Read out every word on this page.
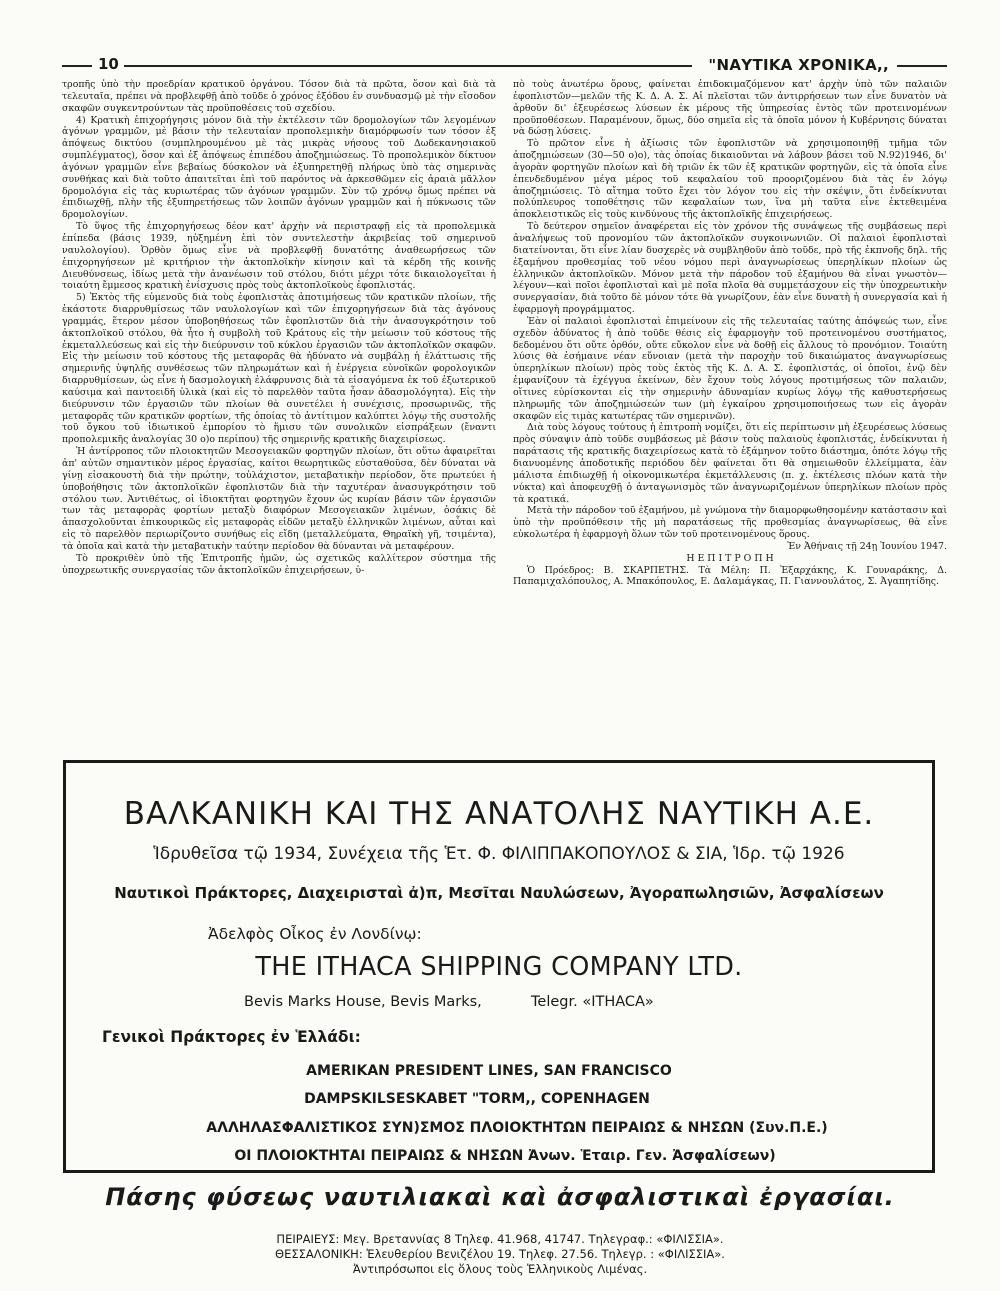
10	"ΝΑΥΤΙΚΑ ΧΡΟΝΙΚΑ,,

τροπῆς ὑπὸ τὴν προεδρίαν κρατικοῦ ὀργάνου. Τόσον διὰ τὰ πρῶτα, ὅσον καὶ διὰ τὰ τελευταῖα, πρέπει νὰ προβλεφθῇ ἀπὸ τοῦδε ὁ χρόνος ἐξόδου ἐν συνδυασμῷ μὲ τὴν εἴσοδον σκαφῶν συγκεντρούντων τὰς προϋποθέσεις τοῦ σχεδίου.

4) Κρατικὴ ἐπιχορήγησις μόνον διὰ τὴν ἐκτέλεσιν τῶν δρομολογίων τῶν λεγομένων ἀγόνων γραμμῶν, μὲ βάσιν τὴν τελευταίαν προπολεμικὴν διαμόρφωσίν των τόσον ἐξ ἀπόψεως δικτύου (συμπληρουμένου μὲ τὰς μικρὰς νήσους τοῦ Δωδεκανησιακοῦ συμπλέγματος), ὅσον καὶ ἐξ ἀπόψεως ἐπιπέδου ἀποζημιώσεως. Τὸ προπολεμικὸν δίκτυον ἀγόνων γραμμῶν εἶνε βεβαίως δύσκολον νὰ ἐξυπηρετηθῇ πλήρως ὑπὸ τὰς σημερινὰς συνθήκας καὶ διὰ τοῦτο ἀπαιτεῖται ἐπὶ τοῦ παρόντος νὰ ἀρκεσθῶμεν εἰς ἀραιὰ μᾶλλον δρομολόγια εἰς τὰς κυριωτέρας τῶν ἀγόνων γραμμῶν. Σὺν τῷ χρόνῳ ὅμως πρέπει νὰ ἐπιδιωχθῇ, πλὴν τῆς ἐξυπηρετήσεως τῶν λοιπῶν ἀγόνων γραμμῶν καὶ ἡ πύκνωσις τῶν δρομολογίων.

Τὸ ὕψος τῆς ἐπιχορηγήσεως δέον κατ' ἀρχὴν νὰ περιστραφῇ εἰς τὰ προπολεμικὰ ἐπίπεδα (βάσις 1939, ηὐξημένη ἐπὶ τὸν συντελεστὴν ἀκριβείας τοῦ σημερινοῦ ναυλολογίου). Ὀρθὸν ὅμως εἶνε νὰ προβλεφθῇ δυνατότης ἀναθεωρήσεως τῶν ἐπιχορηγήσεων μὲ κριτήριον τὴν ἀκτοπλοϊκὴν κίνησιν καὶ τὰ κέρδη τῆς κοινῆς Διευθύνσεως, ἰδίως μετὰ τὴν ἀνανέωσιν τοῦ στόλου, διότι μέχρι τότε δικαιολογεῖται ἡ τοιαύτη ἔμμεσος κρατικὴ ἐνίσχυσις πρὸς τοὺς ἀκτοπλοϊκοὺς ἐφοπλιστάς.

5) Ἐκτὸς τῆς εὐμενοῦς διὰ τοὺς ἐφοπλιστὰς ἀποτιμήσεως τῶν κρατικῶν πλοίων, τῆς ἑκάστοτε διαρρυθμίσεως τῶν ναυλολογίων καὶ τῶν ἐπιχορηγήσεων διὰ τὰς ἀγόνους γραμμάς, ἕτερον μέσον ὑποβοηθήσεως τῶν ἐφοπλιστῶν διὰ τὴν ἀνασυγκρότησιν τοῦ ἀκτοπλοϊκοῦ στόλου, θὰ ἦτο ἡ συμβολὴ τοῦ Κράτους εἰς τὴν μείωσιν τοῦ κόστους τῆς ἐκμεταλλεύσεως καὶ εἰς τὴν διεύρυνσιν τοῦ κύκλου ἐργασιῶν τῶν ἀκτοπλοϊκῶν σκαφῶν. Εἰς τὴν μείωσιν τοῦ κόστους τῆς μεταφορᾶς θὰ ἠδύνατο νὰ συμβάλῃ ἡ ἐλάττωσις τῆς σημερινῆς ὑψηλῆς συνθέσεως τῶν πληρωμάτων καὶ ἡ ἐνέργεια εὐνοϊκῶν φορολογικῶν διαρρυθμίσεων, ὡς εἶνε ἡ δασμολογικὴ ἐλάφρυνσις διὰ τὰ εἰσαγόμενα ἐκ τοῦ ἐξωτερικοῦ καύσιμα καὶ παντοειδῆ ὑλικὰ (καὶ εἰς τὸ παρελθὸν ταῦτα ἦσαν ἀδασμολόγητα). Εἰς τὴν διεύρυνσιν τῶν ἐργασιῶν τῶν πλοίων θὰ συνετέλει ἡ συνέχισις, προσωρινῶς, τῆς μεταφορᾶς τῶν κρατικῶν φορτίων, τῆς ὁποίας τὸ ἀντίτιμον καλύπτει λόγῳ τῆς συστολῆς τοῦ ὄγκου τοῦ ἰδιωτικοῦ ἐμπορίου τὸ ἥμισυ τῶν συνολικῶν εἰσπράξεων (ἔναντι προπολεμικῆς ἀναλογίας 30 ο)ο περίπου) τῆς σημερινῆς κρατικῆς διαχειρίσεως.

Ἡ ἀντίρροπος τῶν πλοιοκτητῶν Μεσογειακῶν φορτηγῶν πλοίων, ὅτι οὕτω ἀφαιρεῖται ἀπ' αὐτῶν σημαντικὸν μέρος ἐργασίας, καίτοι θεωρητικῶς εὐσταθοῦσα, δὲν δύναται νὰ γίνῃ εἰσακουστὴ διὰ τὴν πρώτην, τοὐλάχιστον, μεταβατικὴν περίοδον, ὅτε πρωτεύει ἡ ὑποβοήθησις τῶν ἀκτοπλοϊκῶν ἐφοπλιστῶν διὰ τὴν ταχυτέραν ἀνασυγκρότησιν τοῦ στόλου των. Ἀντιθέτως, οἱ ἰδιοκτῆται φορτηγῶν ἔχουν ὡς κυρίαν βάσιν τῶν ἐργασιῶν των τὰς μεταφορὰς φορτίων μεταξὺ διαφόρων Μεσογειακῶν λιμένων, ὁσάκις δὲ ἀπασχολοῦνται ἐπικουρικῶς εἰς μεταφορὰς εἰδῶν μεταξὺ ἑλληνικῶν λιμένων, αὗται καὶ εἰς τὸ παρελθὸν περιωρίζοντο συνήθως εἰς εἴδη (μεταλλεύματα, Θηραϊκὴ γῆ, τσιμέντα), τὰ ὁποῖα καὶ κατὰ τὴν μεταβατικὴν ταύτην περίοδον θὰ δύνανται νὰ μεταφέρουν.

Τὸ προκριθὲν ὑπὸ τῆς Ἐπιτροπῆς ἡμῶν, ὡς σχετικῶς καλλίτερον σύστημα τῆς ὑποχρεωτικῆς συνεργασίας τῶν ἀκτοπλοϊκῶν ἐπιχειρήσεων, ὑ-

πὸ τοὺς ἀνωτέρω ὅρους, φαίνεται ἐπιδοκιμαζόμενον κατ' ἀρχὴν ὑπὸ τῶν παλαιῶν ἐφοπλιστῶν—μελῶν τῆς Κ. Δ. Α. Σ. Αἱ πλεῖσται τῶν ἀντιρρήσεων των εἶνε δυνατὸν νὰ ἀρθοῦν δι' ἐξευρέσεως λύσεων ἐκ μέρους τῆς ὑπηρεσίας ἐντὸς τῶν προτεινομένων προϋποθέσεων. Παραμένουν, ὅμως, δύο σημεῖα εἰς τὰ ὁποῖα μόνον ἡ Κυβέρνησις δύναται νὰ δώσῃ λύσεις.

Τὸ πρῶτον εἶνε ἡ ἀξίωσις τῶν ἐφοπλιστῶν νὰ χρησιμοποιηθῇ τμῆμα τῶν ἀποζημιώσεων (30—50 ο)ο), τὰς ὁποίας δικαιοῦνται νὰ λάβουν βάσει τοῦ Ν.92)1946, δι' ἀγορὰν φορτηγῶν πλοίων καὶ δὴ τριῶν ἐκ τῶν ἐξ κρατικῶν φορτηγῶν, εἰς τὰ ὁποῖα εἶνε ἐπενδεδυμένον μέγα μέρος τοῦ κεφαλαίου τοῦ προοριζομένου διὰ τὰς ἐν λόγῳ ἀποζημιώσεις. Τὸ αἴτημα τοῦτο ἔχει τὸν λόγον του εἰς τὴν σκέψιν, ὅτι ἐνδείκνυται πολύπλευρος τοποθέτησις τῶν κεφαλαίων των, ἵνα μὴ ταῦτα εἶνε ἐκτεθειμένα ἀποκλειστικῶς εἰς τοὺς κινδύνους τῆς ἀκτοπλοϊκῆς ἐπιχειρήσεως.

Τὸ δεύτερον σημεῖον ἀναφέρεται εἰς τὸν χρόνον τῆς συνάψεως τῆς συμβάσεως περὶ ἀναλήψεως τοῦ προνομίου τῶν ἀκτοπλοϊκῶν συγκοινωνιῶν. Οἱ παλαιοὶ ἐφοπλισταὶ διατείνονται, ὅτι εἶνε λίαν δυσχερὲς νὰ συμβληθοῦν ἀπὸ τοῦδε, πρὸ τῆς ἐκπνοῆς δηλ. τῆς ἐξαμήνου προθεσμίας τοῦ νέου νόμου περὶ ἀναγνωρίσεως ὑπερηλίκων πλοίων ὡς ἑλληνικῶν ἀκτοπλοϊκῶν. Μόνον μετὰ τὴν πάροδον τοῦ ἐξαμήνου θὰ εἶναι γνωστὸν—λέγουν—καὶ ποῖοι ἐφοπλισταὶ καὶ μὲ ποῖα πλοῖα θὰ συμμετάσχουν εἰς τὴν ὑποχρεωτικὴν συνεργασίαν, διὰ τοῦτο δὲ μόνον τότε θὰ γνωρίζουν, ἐὰν εἶνε δυνατὴ ἡ συνεργασία καὶ ἡ ἐφαρμογὴ προγράμματος.

Ἐὰν οἱ παλαιοὶ ἐφοπλισταὶ ἐπιμείνουν εἰς τῆς τελευταίας ταύτης ἀπόψεώς των, εἶνε σχεδὸν ἀδύνατος ἡ ἀπὸ τοῦδε θέσις εἰς ἐφαρμογὴν τοῦ προτεινομένου συστήματος, δεδομένου ὅτι οὔτε ὀρθόν, οὔτε εὔκολον εἶνε νὰ δοθῇ εἰς ἄλλους τὸ προνόμιον. Τοιαύτη λύσις θὰ ἐσήμαινε νέαν εὔνοιαν (μετὰ τὴν παροχὴν τοῦ δικαιώματος ἀναγνωρίσεως ὑπερηλίκων πλοίων) πρὸς τοὺς ἐκτὸς τῆς Κ. Δ. Α. Σ. ἐφοπλιστάς, οἱ ὁποῖοι, ἐνῷ δὲν ἐμφανίζουν τὰ ἐχέγγυα ἐκείνων, δὲν ἔχουν τοὺς λόγους προτιμήσεως τῶν παλαιῶν, οἵτινες εὑρίσκονται εἰς τὴν σημερινὴν ἀδυναμίαν κυρίως λόγῳ τῆς καθυστερήσεως πληρωμῆς τῶν ἀποζημιώσεών των (μὴ ἐγκαίρου χρησιμοποιήσεως των εἰς ἀγορὰν σκαφῶν εἰς τιμὰς κατωτέρας τῶν σημερινῶν).

Διὰ τοὺς λόγους τούτους ἡ ἐπιτροπὴ νομίζει, ὅτι εἰς περίπτωσιν μὴ ἐξευρέσεως λύσεως πρὸς σύναψιν ἀπὸ τοῦδε συμβάσεως μὲ βάσιν τοὺς παλαιοὺς ἐφοπλιστάς, ἐνδείκνυται ἡ παράτασις τῆς κρατικῆς διαχειρίσεως κατὰ τὸ ἑξάμηνον τοῦτο διάστημα, ὁπότε λόγῳ τῆς διανυομένης ἀποδοτικῆς περιόδου δὲν φαίνεται ὅτι θὰ σημειωθοῦν ἐλλείμματα, ἐὰν μάλιστα ἐπιδιωχθῇ ἡ οἰκονομικωτέρα ἐκμετάλλευσις (π. χ. ἐκτέλεσις πλόων κατὰ τὴν νύκτα) καὶ ἀποφευχθῇ ὁ ἀνταγωνισμὸς τῶν ἀναγνωριζομένων ὑπερηλίκων πλοίων πρὸς τὰ κρατικά.

Μετὰ τὴν πάροδον τοῦ ἐξαμήνου, μὲ γνώμονα τὴν διαμορφωθησομένην κατάστασιν καὶ ὑπὸ τὴν προϋπόθεσιν τῆς μὴ παρατάσεως τῆς προθεσμίας ἀναγνωρίσεως, θὰ εἶνε εὐκολωτέρα ἡ ἐφαρμογὴ ὅλων τῶν τοῦ προτεινομένους ὅρους.

Ἐν Ἀθήναις τῇ 24ῃ Ἰουνίου 1947.

Η Ε Π Ι Τ Ρ Ο Π Η

Ὁ Πρόεδρος: Β. ΣΚΑΡΠΕΤΗΣ. Τὰ Μέλη: Π. Ἐξαρχάκης, Κ. Γουναράκης, Δ. Παπαμιχαλόπουλος, Α. Μπακόπουλος, Ε. Δαλαμάγκας, Π. Γιαννουλάτος, Σ. Ἀγαπητίδης.

ΒΑΛΚΑΝΙΚΗ ΚΑΙ ΤΗΣ ΑΝΑΤΟΛΗΣ ΝΑΥΤΙΚΗ Α.Ε.
Ἱδρυθεῖσα τῷ 1934, Συνέχεια τῆς Ἑτ. Φ. ΦΙΛΙΠΠΑΚΟΠΟΥΛΟΣ & ΣΙΑ, Ἱδρ. τῷ 1926
Ναυτικοὶ Πράκτορες, Διαχειρισταὶ ἀ)π, Μεσῖται Ναυλώσεων, Ἀγοραπωλησιῶν, Ἀσφαλίσεων
Ἀδελφὸς Οἶκος ἐν Λονδίνῳ:
THE ITHACA SHIPPING COMPANY LTD.
Bevis Marks House, Bevis Marks,	Telegr. «ITHACA»
Γενικοὶ Πράκτορες ἐν Ἑλλάδι:
AMERIKAN PRESIDENT LINES, SAN FRANCISCO
DAMPSKILSESKABET "TORM,, COPENHAGEN
ΑΛΛΗΛΑΣΦΑΛΙΣΤΙΚΟΣ ΣΥΝ)ΣΜΟΣ ΠΛΟΙΟΚΤΗΤΩΝ ΠΕΙΡΑΙΩΣ & ΝΗΣΩΝ (Συν.Π.Ε.)
ΟΙ ΠΛΟΙΟΚΤΗΤΑΙ ΠΕΙΡΑΙΩΣ & ΝΗΣΩΝ Ἀνων. Ἑταιρ. Γεν. Ἀσφαλίσεων)
Πάσης φύσεως ναυτιλιακαὶ καὶ ἀσφαλιστικαὶ ἐργασίαι.
ΠΕΙΡΑΙΕΥΣ: Μεγ. Βρεταννίας 8 Τηλεφ. 41.968, 41747. Τηλεγραφ.: «ΦΙΛΙΣΣΙΑ».
ΘΕΣΣΑΛΟΝΙΚΗ: Ἐλευθερίου Βενιζέλου 19. Τηλεφ. 27.56. Τηλεγρ. : «ΦΙΛΙΣΣΙΑ».
Ἀντιπρόσωποι εἰς ὅλους τοὺς Ἑλληνικοὺς Λιμένας.
